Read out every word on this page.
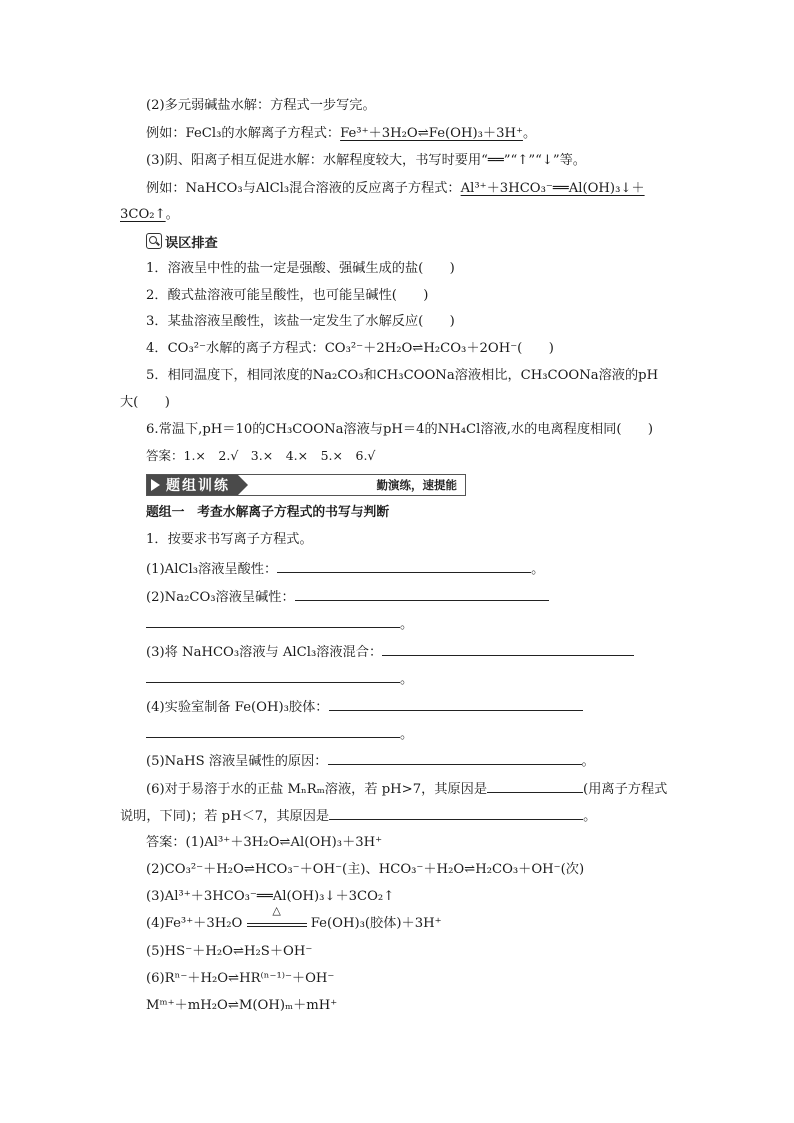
(2)多元弱碱盐水解：方程式一步写完。
例如：FeCl₃的水解离子方程式：Fe³⁺＋3H₂O⇌Fe(OH)₃＋3H⁺。
(3)阴、阳离子相互促进水解：水解程度较大，书写时要用“══”“↑”“↓”等。
例如：NaHCO₃与AlCl₃混合溶液的反应离子方程式：Al³⁺＋3HCO₃⁻══Al(OH)₃↓＋
3CO₂↑。
误区排查
1．溶液呈中性的盐一定是强酸、强碱生成的盐(　　)
2．酸式盐溶液可能呈酸性，也可能呈碱性(　　)
3．某盐溶液呈酸性，该盐一定发生了水解反应(　　)
4．CO₃²⁻水解的离子方程式：CO₃²⁻＋2H₂O⇌H₂CO₃＋2OH⁻(　　)
5．相同温度下，相同浓度的Na₂CO₃和CH₃COONa溶液相比，CH₃COONa溶液的pH
大(　　)
6.常温下,pH＝10的CH₃COONa溶液与pH＝4的NH₄Cl溶液,水的电离程度相同(　　)
答案：1.×　2.√　3.×　4.×　5.×　6.√
题组训练	勤演练，速提能
题组一　考查水解离子方程式的书写与判断
1．按要求书写离子方程式。
(1)AlCl₃溶液呈酸性：	。
(2)Na₂CO₃溶液呈碱性：
。
(3)将 NaHCO₃溶液与 AlCl₃溶液混合：
。
(4)实验室制备 Fe(OH)₃胶体：
。
(5)NaHS 溶液呈碱性的原因：	。
(6)对于易溶于水的正盐 MₙRₘ溶液，若 pH>7，其原因是	(用离子方程式
说明，下同)；若 pH＜7，其原因是	。
答案：(1)Al³⁺＋3H₂O⇌Al(OH)₃＋3H⁺
(2)CO₃²⁻＋H₂O⇌HCO₃⁻＋OH⁻(主)、HCO₃⁻＋H₂O⇌H₂CO₃＋OH⁻(次)
(3)Al³⁺＋3HCO₃⁻══Al(OH)₃↓＋3CO₂↑
(4)Fe³⁺＋3H₂O
△
Fe(OH)₃(胶体)＋3H⁺
(5)HS⁻＋H₂O⇌H₂S＋OH⁻
(6)Rⁿ⁻＋H₂O⇌HR⁽ⁿ⁻¹⁾⁻＋OH⁻
Mᵐ⁺＋mH₂O⇌M(OH)ₘ＋mH⁺
